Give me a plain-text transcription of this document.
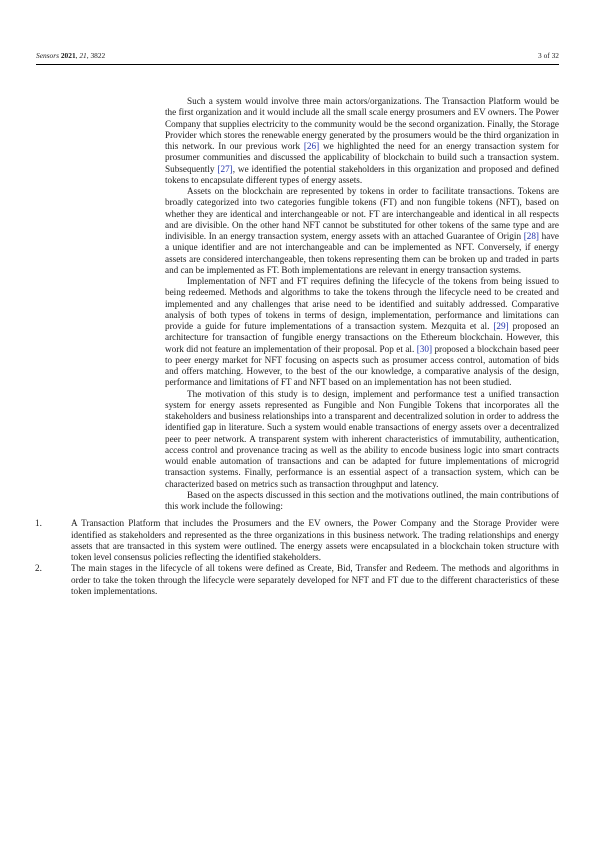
Sensors 2021, 21, 3822	3 of 32

Such a system would involve three main actors/organizations. The Transaction Platform would be the first organization and it would include all the small scale energy prosumers and EV owners. The Power Company that supplies electricity to the community would be the second organization. Finally, the Storage Provider which stores the renewable energy generated by the prosumers would be the third organization in this network. In our previous work [26] we highlighted the need for an energy transaction system for prosumer communities and discussed the applicability of blockchain to build such a transaction system. Subsequently [27], we identified the potential stakeholders in this organization and proposed and defined tokens to encapsulate different types of energy assets.

Assets on the blockchain are represented by tokens in order to facilitate transactions. Tokens are broadly categorized into two categories fungible tokens (FT) and non fungible tokens (NFT), based on whether they are identical and interchangeable or not. FT are interchangeable and identical in all respects and are divisible. On the other hand NFT cannot be substituted for other tokens of the same type and are indivisible. In an energy transaction system, energy assets with an attached Guarantee of Origin [28] have a unique identifier and are not interchangeable and can be implemented as NFT. Conversely, if energy assets are considered interchangeable, then tokens representing them can be broken up and traded in parts and can be implemented as FT. Both implementations are relevant in energy transaction systems.

Implementation of NFT and FT requires defining the lifecycle of the tokens from being issued to being redeemed. Methods and algorithms to take the tokens through the lifecycle need to be created and implemented and any challenges that arise need to be identified and suitably addressed. Comparative analysis of both types of tokens in terms of design, implementation, performance and limitations can provide a guide for future implementations of a transaction system. Mezquita et al. [29] proposed an architecture for transaction of fungible energy transactions on the Ethereum blockchain. However, this work did not feature an implementation of their proposal. Pop et al. [30] proposed a blockchain based peer to peer energy market for NFT focusing on aspects such as prosumer access control, automation of bids and offers matching. However, to the best of the our knowledge, a comparative analysis of the design, performance and limitations of FT and NFT based on an implementation has not been studied.

The motivation of this study is to design, implement and performance test a unified transaction system for energy assets represented as Fungible and Non Fungible Tokens that incorporates all the stakeholders and business relationships into a transparent and decentralized solution in order to address the identified gap in literature. Such a system would enable transactions of energy assets over a decentralized peer to peer network. A transparent system with inherent characteristics of immutability, authentication, access control and provenance tracing as well as the ability to encode business logic into smart contracts would enable automation of transactions and can be adapted for future implementations of microgrid transaction systems. Finally, performance is an essential aspect of a transaction system, which can be characterized based on metrics such as transaction throughput and latency.

Based on the aspects discussed in this section and the motivations outlined, the main contributions of this work include the following:

1.	A Transaction Platform that includes the Prosumers and the EV owners, the Power Company and the Storage Provider were identified as stakeholders and represented as the three organizations in this business network. The trading relationships and energy assets that are transacted in this system were outlined. The energy assets were encapsulated in a blockchain token structure with token level consensus policies reflecting the identified stakeholders.
2.	The main stages in the lifecycle of all tokens were defined as Create, Bid, Transfer and Redeem. The methods and algorithms in order to take the token through the lifecycle were separately developed for NFT and FT due to the different characteristics of these token implementations.
